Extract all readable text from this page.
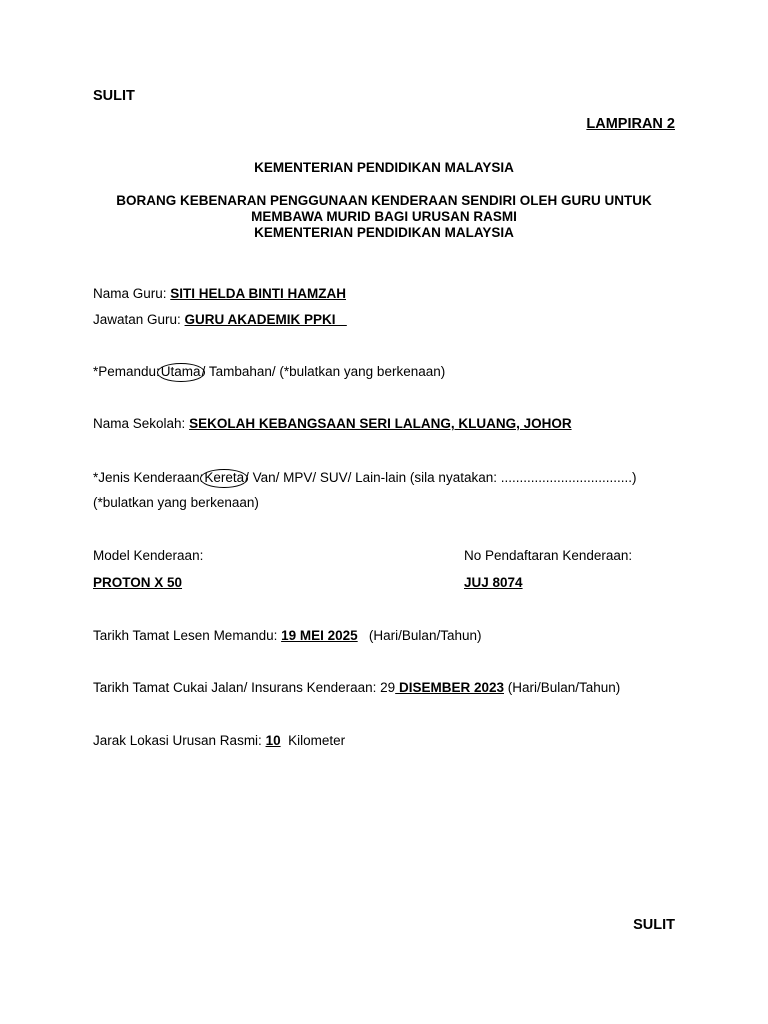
SULIT
LAMPIRAN 2
KEMENTERIAN PENDIDIKAN MALAYSIA
BORANG KEBENARAN PENGGUNAAN KENDERAAN SENDIRI OLEH GURU UNTUK
MEMBAWA MURID BAGI URUSAN RASMI
KEMENTERIAN PENDIDIKAN MALAYSIA
Nama Guru: SITI HELDA BINTI HAMZAH
Jawatan Guru: GURU AKADEMIK PPKI
*Pemandu:Utama/ Tambahan/ (*bulatkan yang berkenaan)
Nama Sekolah: SEKOLAH KEBANGSAAN SERI LALANG, KLUANG, JOHOR
*Jenis Kenderaan:Kereta/ Van/ MPV/ SUV/ Lain-lain (sila nyatakan: ...................................)
(*bulatkan yang berkenaan)
Model Kenderaan:
PROTON X 50
No Pendaftaran Kenderaan:
JUJ 8074
Tarikh Tamat Lesen Memandu: 19 MEI 2025   (Hari/Bulan/Tahun)
Tarikh Tamat Cukai Jalan/ Insurans Kenderaan: 29 DISEMBER 2023 (Hari/Bulan/Tahun)
Jarak Lokasi Urusan Rasmi: 10  Kilometer
SULIT
